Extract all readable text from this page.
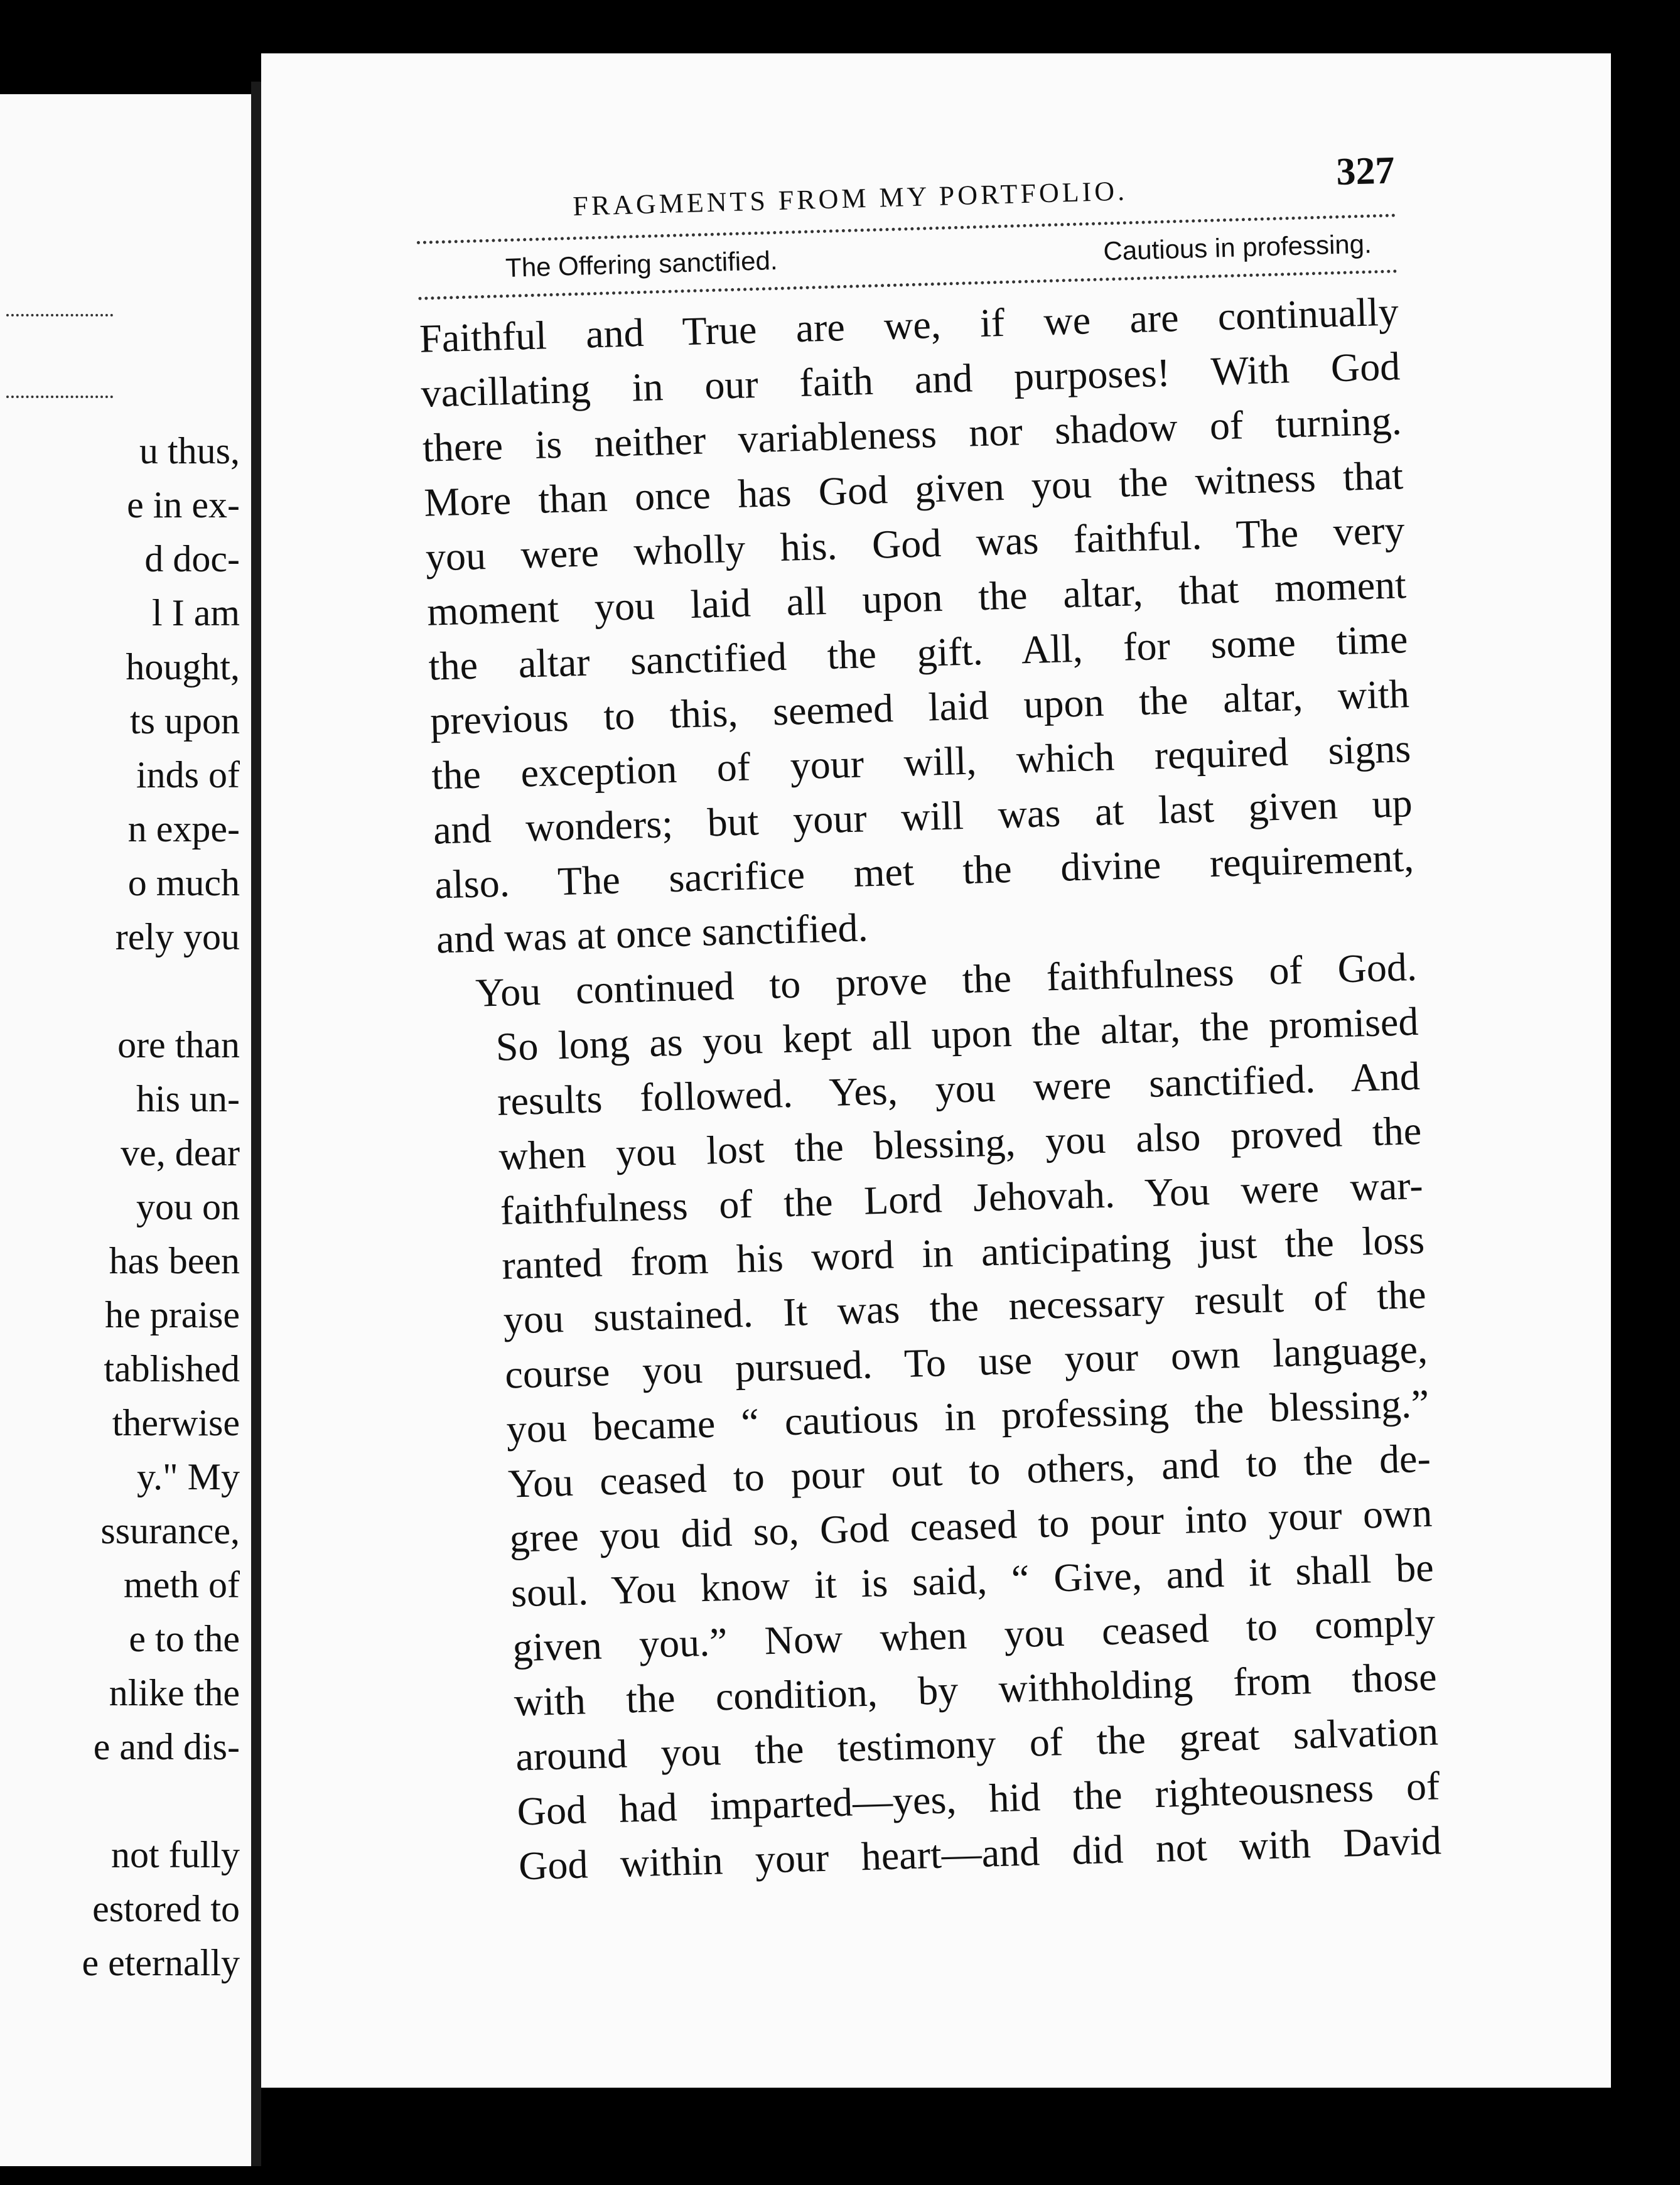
u thus,
e in ex-
d doc-
l I am
hought,
ts upon
inds of
n expe-
o much
rely you
ore than
his un-
ve, dear
you on
has been
he praise
tablished
therwise
y." My
ssurance,
meth of
e to the
nlike the
e and dis-
not fully
estored to
e eternally
FRAGMENTS FROM MY PORTFOLIO.
327
The Offering sanctified.	Cautious in professing.

Faithful and True are we, if we are continually
vacillating in our faith and purposes! With God
there is neither variableness nor shadow of turning.
More than once has God given you the witness that
you were wholly his. God was faithful. The very
moment you laid all upon the altar, that moment
the altar sanctified the gift. All, for some time
previous to this, seemed laid upon the altar, with
the exception of your will, which required signs
and wonders; but your will was at last given up
also. The sacrifice met the divine requirement,
and was at once sanctified.

You continued to prove the faithfulness of God.
So long as you kept all upon the altar, the promised
results followed. Yes, you were sanctified. And
when you lost the blessing, you also proved the
faithfulness of the Lord Jehovah. You were war-
ranted from his word in anticipating just the loss
you sustained. It was the necessary result of the
course you pursued. To use your own language,
you became “ cautious in professing the blessing.”
You ceased to pour out to others, and to the de-
gree you did so, God ceased to pour into your own
soul. You know it is said, “ Give, and it shall be
given you.” Now when you ceased to comply
with the condition, by withholding from those
around you the testimony of the great salvation
God had imparted—yes, hid the righteousness of
God within your heart—and did not with David
